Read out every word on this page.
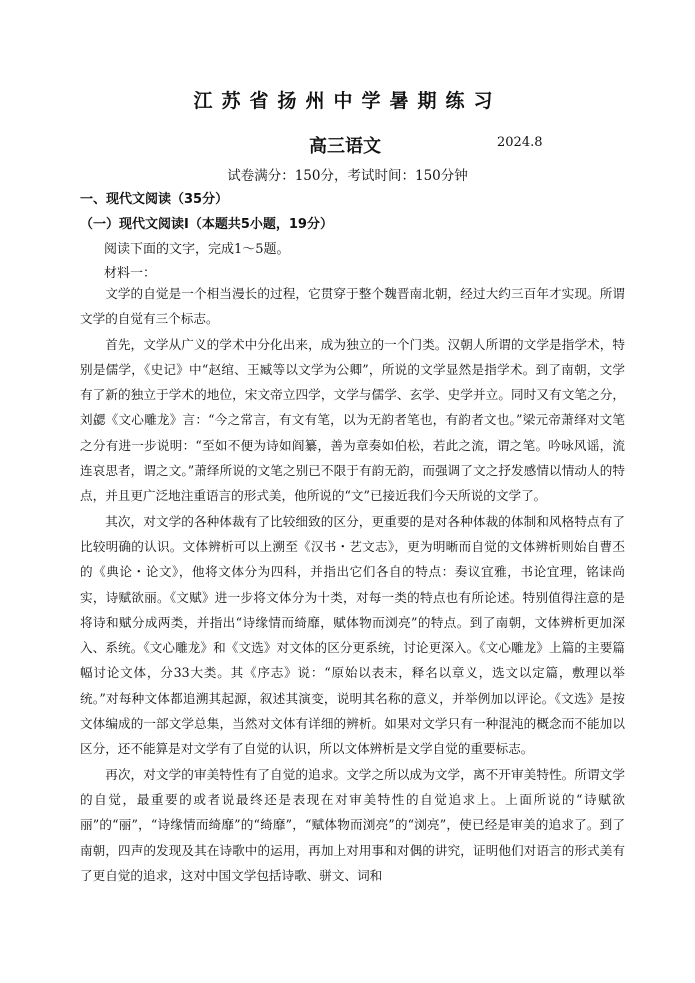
江苏省扬州中学暑期练习
高三语文	2024.8
试卷满分：150分，考试时间：150分钟
一、现代文阅读（35分）
（一）现代文阅读Ⅰ（本题共5小题，19分）
阅读下面的文字，完成1～5题。
材料一：

文学的自觉是一个相当漫长的过程，它贯穿于整个魏晋南北朝，经过大约三百年才实现。所谓文学的自觉有三个标志。

首先，文学从广义的学术中分化出来，成为独立的一个门类。汉朝人所谓的文学是指学术，特别是儒学，《史记》中“赵绾、王臧等以文学为公卿”，所说的文学显然是指学术。到了南朝，文学有了新的独立于学术的地位，宋文帝立四学，文学与儒学、玄学、史学并立。同时又有文笔之分，刘勰《文心雕龙》言：“今之常言，有文有笔，以为无韵者笔也，有韵者文也。”梁元帝萧绎对文笔之分有进一步说明：“至如不便为诗如阎纂，善为章奏如伯松，若此之流，谓之笔。吟咏风谣，流连哀思者，谓之文。”萧绎所说的文笔之别已不限于有韵无韵，而强调了文之抒发感情以情动人的特点，并且更广泛地注重语言的形式美，他所说的“文”已接近我们今天所说的文学了。

其次，对文学的各种体裁有了比较细致的区分，更重要的是对各种体裁的体制和风格特点有了比较明确的认识。文体辨析可以上溯至《汉书・艺文志》，更为明晰而自觉的文体辨析则始自曹丕的《典论・论文》，他将文体分为四科，并指出它们各自的特点：奏议宜雅，书论宜理，铭诔尚实，诗赋欲丽。《文赋》进一步将文体分为十类，对每一类的特点也有所论述。特别值得注意的是将诗和赋分成两类，并指出“诗缘情而绮靡，赋体物而浏亮”的特点。到了南朝，文体辨析更加深入、系统。《文心雕龙》和《文选》对文体的区分更系统，讨论更深入。《文心雕龙》上篇的主要篇幅讨论文体，分33大类。其《序志》说：“原始以表末，释名以章义，选文以定篇，敷理以举统。”对每种文体都追溯其起源，叙述其演变，说明其名称的意义，并举例加以评论。《文选》是按文体编成的一部文学总集，当然对文体有详细的辨析。如果对文学只有一种混沌的概念而不能加以区分，还不能算是对文学有了自觉的认识，所以文体辨析是文学自觉的重要标志。

再次，对文学的审美特性有了自觉的追求。文学之所以成为文学，离不开审美特性。所谓文学的自觉，最重要的或者说最终还是表现在对审美特性的自觉追求上。上面所说的“诗赋欲丽”的“丽”，“诗缘情而绮靡”的“绮靡”，“赋体物而浏亮”的“浏亮”，使已经是审美的追求了。到了南朝，四声的发现及其在诗歌中的运用，再加上对用事和对偶的讲究，证明他们对语言的形式美有了更自觉的追求，这对中国文学包括诗歌、骈文、词和
